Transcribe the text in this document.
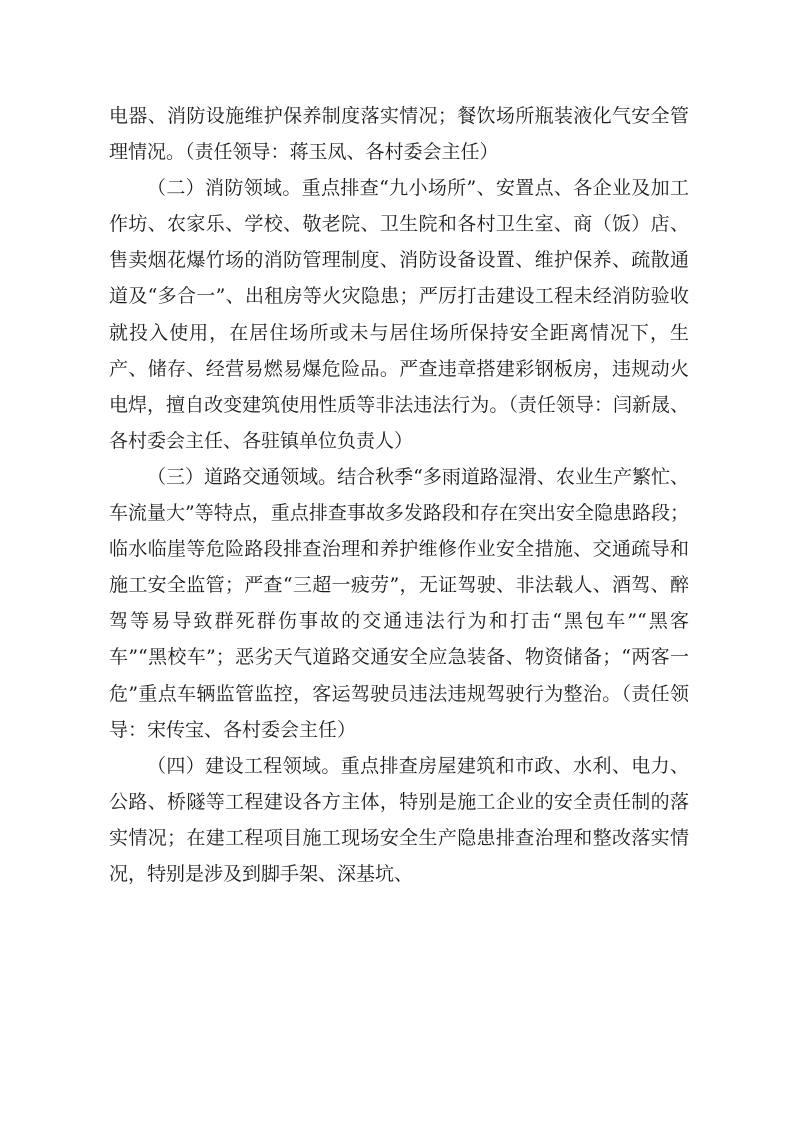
电器、消防设施维护保养制度落实情况；餐饮场所瓶装液化气安全管理情况。（责任领导：蒋玉凤、各村委会主任）

（二）消防领域。重点排查“九小场所”、安置点、各企业及加工作坊、农家乐、学校、敬老院、卫生院和各村卫生室、商（饭）店、售卖烟花爆竹场的消防管理制度、消防设备设置、维护保养、疏散通道及“多合一”、出租房等火灾隐患；严厉打击建设工程未经消防验收就投入使用，在居住场所或未与居住场所保持安全距离情况下，生产、储存、经营易燃易爆危险品。严查违章搭建彩钢板房，违规动火电焊，擅自改变建筑使用性质等非法违法行为。（责任领导：闫新晟、各村委会主任、各驻镇单位负责人）

（三）道路交通领域。结合秋季“多雨道路湿滑、农业生产繁忙、车流量大”等特点，重点排查事故多发路段和存在突出安全隐患路段；临水临崖等危险路段排查治理和养护维修作业安全措施、交通疏导和施工安全监管；严查“三超一疲劳”，无证驾驶、非法载人、酒驾、醉驾等易导致群死群伤事故的交通违法行为和打击“黑包车”“黑客车”“黑校车”；恶劣天气道路交通安全应急装备、物资储备；“两客一危”重点车辆监管监控，客运驾驶员违法违规驾驶行为整治。（责任领导：宋传宝、各村委会主任）

（四）建设工程领域。重点排查房屋建筑和市政、水利、电力、公路、桥隧等工程建设各方主体，特别是施工企业的安全责任制的落实情况；在建工程项目施工现场安全生产隐患排查治理和整改落实情况，特别是涉及到脚手架、深基坑、
